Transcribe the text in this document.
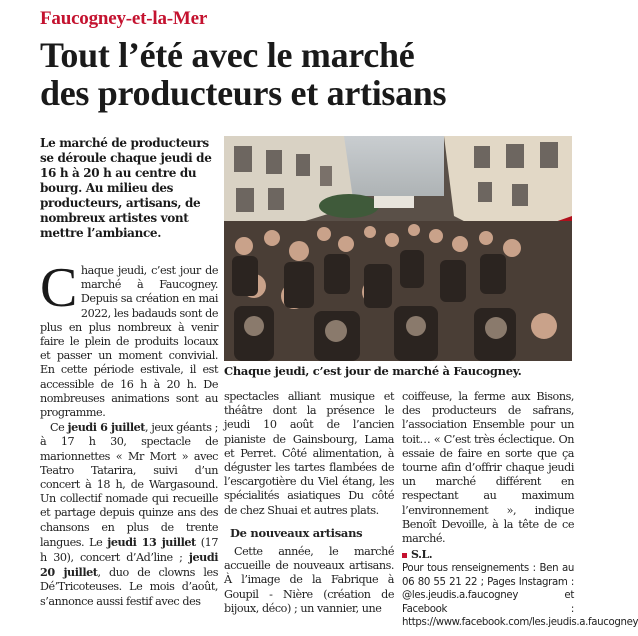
Faucogney-et-la-Mer
Tout l’été avec le marché
des producteurs et artisans
Le marché de producteurs se déroule chaque jeudi de 16 h à 20 h au centre du bourg. Au milieu des producteurs, artisans, de nombreux artistes vont mettre l’ambiance.
Chaque jeudi, c’est jour de marché à Faucogney.

Chaque jeudi, c’est jour de marché à Faucogney. Depuis sa création en mai 2022, les badauds sont de plus en plus nombreux à venir faire le plein de produits locaux et passer un moment convivial. En cette période estivale, il est accessible de 16 h à 20 h. De nombreuses animations sont au programme.

Ce jeudi 6 juillet, jeux géants ; à 17 h 30, spectacle de marionnettes « Mr Mort » avec Teatro Tatarira, suivi d’un concert à 18 h, de Wargasound. Un collectif nomade qui recueille et partage depuis quinze ans des chansons en plus de trente langues. Le jeudi 13 juillet (17 h 30), concert d’Ad’line ; jeudi 20 juillet, duo de clowns les Dé’Tricoteuses. Le mois d’août, s’annonce aussi festif avec des

spectacles alliant musique et théâtre dont la présence le jeudi 10 août de l’ancien pianiste de Gainsbourg, Lama et Perret. Côté alimentation, à déguster les tartes flambées de l’escargotière du Viel étang, les spécialités asiatiques Du côté de chez Shuai et autres plats.

De nouveaux artisans

Cette année, le marché accueille de nouveaux artisans. À l’image de la Fabrique à Goupil - Nière (création de bijoux, déco) ; un vannier, une

coiffeuse, la ferme aux Bisons, des producteurs de safrans, l’association Ensemble pour un toit… « C’est très éclectique. On essaie de faire en sorte que ça tourne afin d’offrir chaque jeudi un marché différent en respectant au maximum l’environnement », indique Benoît Devoille, à la tête de ce marché.

S.L.

Pour tous renseignements : Ben au 06 80 55 21 22 ; Pages Instagram : @les.jeudis.a.faucogney et Facebook : https://www.facebook.com/les.jeudis.a.faucogney
